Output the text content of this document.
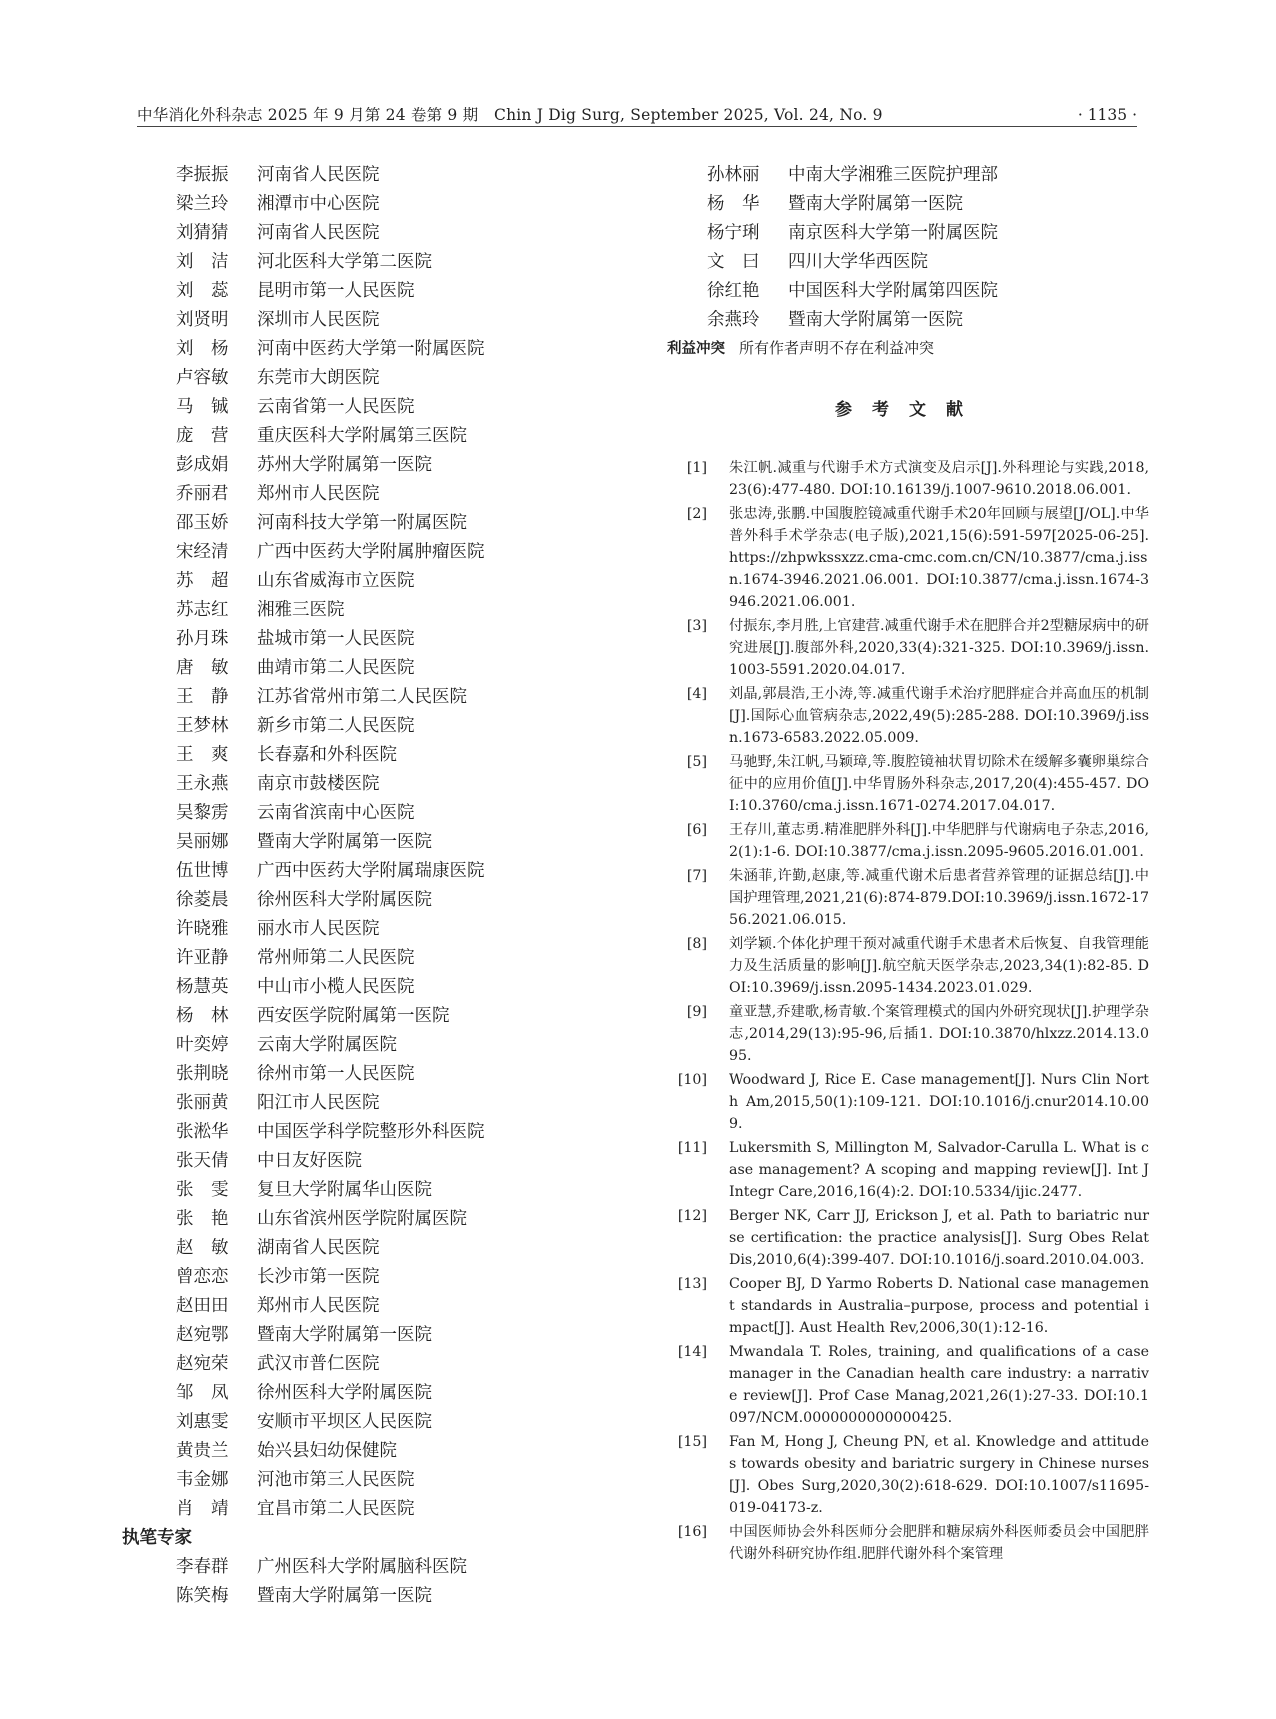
中华消化外科杂志 2025 年 9 月第 24 卷第 9 期　Chin J Dig Surg, September 2025, Vol. 24, No. 9	· 1135 ·
李振振	河南省人民医院
梁兰玲	湘潭市中心医院
刘猜猜	河南省人民医院
刘　洁	河北医科大学第二医院
刘　蕊	昆明市第一人民医院
刘贤明	深圳市人民医院
刘　杨	河南中医药大学第一附属医院
卢容敏	东莞市大朗医院
马　铖	云南省第一人民医院
庞　营	重庆医科大学附属第三医院
彭成娟	苏州大学附属第一医院
乔丽君	郑州市人民医院
邵玉娇	河南科技大学第一附属医院
宋经清	广西中医药大学附属肿瘤医院
苏　超	山东省威海市立医院
苏志红	湘雅三医院
孙月珠	盐城市第一人民医院
唐　敏	曲靖市第二人民医院
王　静	江苏省常州市第二人民医院
王梦林	新乡市第二人民医院
王　爽	长春嘉和外科医院
王永燕	南京市鼓楼医院
吴黎雳	云南省滨南中心医院
吴丽娜	暨南大学附属第一医院
伍世博	广西中医药大学附属瑞康医院
徐菱晨	徐州医科大学附属医院
许晓雅	丽水市人民医院
许亚静	常州师第二人民医院
杨慧英	中山市小榄人民医院
杨　林	西安医学院附属第一医院
叶奕婷	云南大学附属医院
张荆晓	徐州市第一人民医院
张丽黄	阳江市人民医院
张淞华	中国医学科学院整形外科医院
张天倩	中日友好医院
张　雯	复旦大学附属华山医院
张　艳	山东省滨州医学院附属医院
赵　敏	湖南省人民医院
曾恋恋	长沙市第一医院
赵田田	郑州市人民医院
赵宛鄂	暨南大学附属第一医院
赵宛荣	武汉市普仁医院
邹　凤	徐州医科大学附属医院
刘惠雯	安顺市平坝区人民医院
黄贵兰	始兴县妇幼保健院
韦金娜	河池市第三人民医院
肖　靖	宜昌市第二人民医院
执笔专家
李春群	广州医科大学附属脑科医院
陈笑梅	暨南大学附属第一医院
孙林丽	中南大学湘雅三医院护理部
杨　华	暨南大学附属第一医院
杨宁琍	南京医科大学第一附属医院
文　曰	四川大学华西医院
徐红艳	中国医科大学附属第四医院
余燕玲	暨南大学附属第一医院
利益冲突 所有作者声明不存在利益冲突
参考文献
[1]	朱江帆.减重与代谢手术方式演变及启示[J].外科理论与实践,2018,23(6):477-480. DOI:10.16139/j.1007-9610.2018.06.001.
[2]	张忠涛,张鹏.中国腹腔镜减重代谢手术20年回顾与展望[J/OL].中华普外科手术学杂志(电子版),2021,15(6):591-597[2025-06-25]. https://zhpwkssxzz.cma-cmc.com.cn/CN/10.3877/cma.j.issn.1674-3946.2021.06.001. DOI:10.3877/cma.j.issn.1674-3946.2021.06.001.
[3]	付振东,李月胜,上官建营.减重代谢手术在肥胖合并2型糖尿病中的研究进展[J].腹部外科,2020,33(4):321-325. DOI:10.3969/j.issn.1003-5591.2020.04.017.
[4]	刘晶,郭晨浩,王小涛,等.减重代谢手术治疗肥胖症合并高血压的机制[J].国际心血管病杂志,2022,49(5):285-288. DOI:10.3969/j.issn.1673-6583.2022.05.009.
[5]	马驰野,朱江帆,马颖璋,等.腹腔镜袖状胃切除术在缓解多囊卵巢综合征中的应用价值[J].中华胃肠外科杂志,2017,20(4):455-457. DOI:10.3760/cma.j.issn.1671-0274.2017.04.017.
[6]	王存川,董志勇.精准肥胖外科[J].中华肥胖与代谢病电子杂志,2016,2(1):1-6. DOI:10.3877/cma.j.issn.2095-9605.2016.01.001.
[7]	朱涵菲,许勤,赵康,等.减重代谢术后患者营养管理的证据总结[J].中国护理管理,2021,21(6):874-879.DOI:10.3969/j.issn.1672-1756.2021.06.015.
[8]	刘学颖.个体化护理干预对减重代谢手术患者术后恢复、自我管理能力及生活质量的影响[J].航空航天医学杂志,2023,34(1):82-85. DOI:10.3969/j.issn.2095-1434.2023.01.029.
[9]	童亚慧,乔建歌,杨青敏.个案管理模式的国内外研究现状[J].护理学杂志,2014,29(13):95-96,后插1. DOI:10.3870/hlxzz.2014.13.095.
[10]	Woodward J, Rice E. Case management[J]. Nurs Clin North Am,2015,50(1):109-121. DOI:10.1016/j.cnur2014.10.009.
[11]	Lukersmith S, Millington M, Salvador-Carulla L. What is case management? A scoping and mapping review[J]. Int J Integr Care,2016,16(4):2. DOI:10.5334/ijic.2477.
[12]	Berger NK, Carr JJ, Erickson J, et al. Path to bariatric nurse certification: the practice analysis[J]. Surg Obes Relat Dis,2010,6(4):399-407. DOI:10.1016/j.soard.2010.04.003.
[13]	Cooper BJ, D Yarmo Roberts D. National case management standards in Australia–purpose, process and potential impact[J]. Aust Health Rev,2006,30(1):12-16.
[14]	Mwandala T. Roles, training, and qualifications of a case manager in the Canadian health care industry: a narrative review[J]. Prof Case Manag,2021,26(1):27-33. DOI:10.1097/NCM.0000000000000425.
[15]	Fan M, Hong J, Cheung PN, et al. Knowledge and attitudes towards obesity and bariatric surgery in Chinese nurses[J]. Obes Surg,2020,30(2):618-629. DOI:10.1007/s11695-019-04173-z.
[16]	中国医师协会外科医师分会肥胖和糖尿病外科医师委员会中国肥胖代谢外科研究协作组.肥胖代谢外科个案管理
